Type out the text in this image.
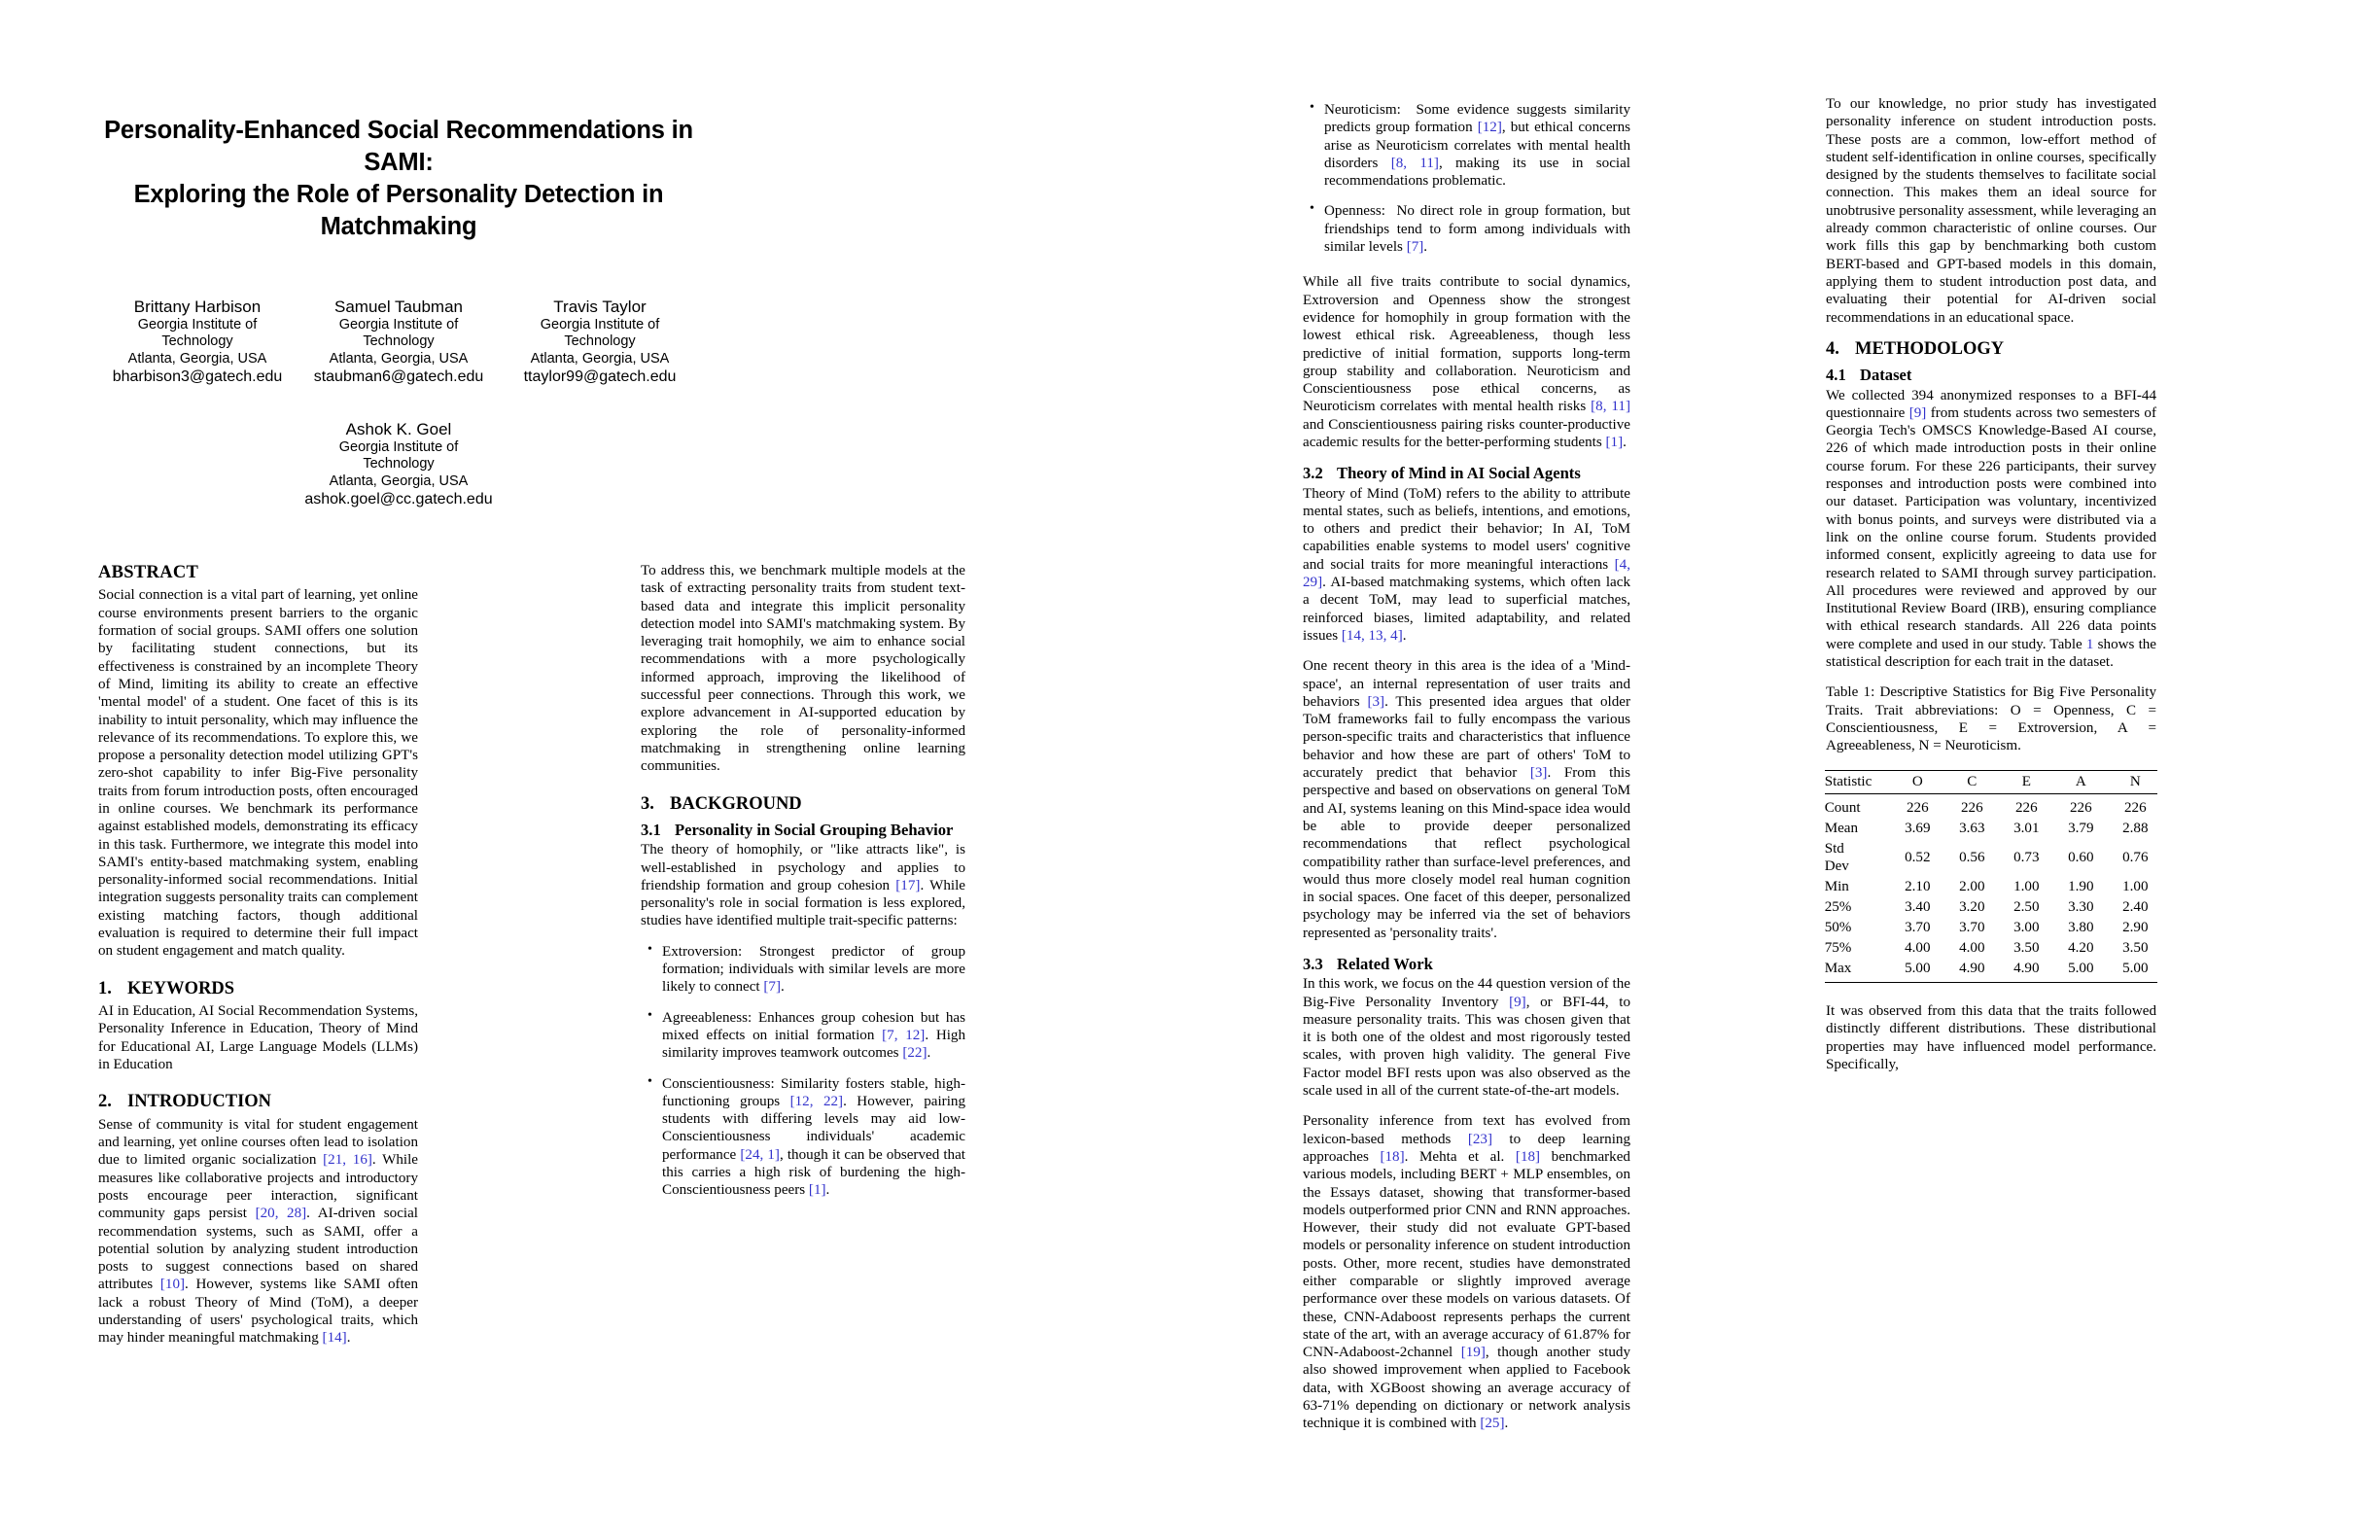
Personality-Enhanced Social Recommendations in SAMI:
Exploring the Role of Personality Detection in
Matchmaking
Brittany Harbison
Georgia Institute of
Technology
Atlanta, Georgia, USA
bharbison3@gatech.edu
Samuel Taubman
Georgia Institute of
Technology
Atlanta, Georgia, USA
staubman6@gatech.edu
Travis Taylor
Georgia Institute of
Technology
Atlanta, Georgia, USA
ttaylor99@gatech.edu
Ashok K. Goel
Georgia Institute of
Technology
Atlanta, Georgia, USA
ashok.goel@cc.gatech.edu
ABSTRACT

Social connection is a vital part of learning, yet online course environments present barriers to the organic formation of social groups. SAMI offers one solution by facilitating student connections, but its effectiveness is constrained by an incomplete Theory of Mind, limiting its ability to create an effective 'mental model' of a student. One facet of this is its inability to intuit personality, which may influence the relevance of its recommendations. To explore this, we propose a personality detection model utilizing GPT's zero-shot capability to infer Big-Five personality traits from forum introduction posts, often encouraged in online courses. We benchmark its performance against established models, demonstrating its efficacy in this task. Furthermore, we integrate this model into SAMI's entity-based matchmaking system, enabling personality-informed social recommendations. Initial integration suggests personality traits can complement existing matching factors, though additional evaluation is required to determine their full impact on student engagement and match quality.

1. KEYWORDS

AI in Education, AI Social Recommendation Systems, Personality Inference in Education, Theory of Mind for Educational AI, Large Language Models (LLMs) in Education

2. INTRODUCTION

Sense of community is vital for student engagement and learning, yet online courses often lead to isolation due to limited organic socialization [21, 16]. While measures like collaborative projects and introductory posts encourage peer interaction, significant community gaps persist [20, 28]. AI-driven social recommendation systems, such as SAMI, offer a potential solution by analyzing student introduction posts to suggest connections based on shared attributes [10]. However, systems like SAMI often lack a robust Theory of Mind (ToM), a deeper understanding of users' psychological traits, which may hinder meaningful matchmaking [14].

To address this, we benchmark multiple models at the task of extracting personality traits from student text-based data and integrate this implicit personality detection model into SAMI's matchmaking system. By leveraging trait homophily, we aim to enhance social recommendations with a more psychologically informed approach, improving the likelihood of successful peer connections. Through this work, we explore advancement in AI-supported education by exploring the role of personality-informed matchmaking in strengthening online learning communities.

3. BACKGROUND
3.1 Personality in Social Grouping Behavior

The theory of homophily, or "like attracts like", is well-established in psychology and applies to friendship formation and group cohesion [17]. While personality's role in social formation is less explored, studies have identified multiple trait-specific patterns:

• Extroversion: Strongest predictor of group formation; individuals with similar levels are more likely to connect [7].
• Agreeableness: Enhances group cohesion but has mixed effects on initial formation [7, 12]. High similarity improves teamwork outcomes [22].
• Conscientiousness: Similarity fosters stable, high-functioning groups [12, 22]. However, pairing students with differing levels may aid low-Conscientiousness individuals' academic performance [24, 1], though it can be observed that this carries a high risk of burdening the high-Conscientiousness peers [1].
• Neuroticism:  Some evidence suggests similarity predicts group formation [12], but ethical concerns arise as Neuroticism correlates with mental health disorders [8, 11], making its use in social recommendations problematic.
• Openness:  No direct role in group formation, but friendships tend to form among individuals with similar levels [7].

While all five traits contribute to social dynamics, Extroversion and Openness show the strongest evidence for homophily in group formation with the lowest ethical risk. Agreeableness, though less predictive of initial formation, supports long-term group stability and collaboration. Neuroticism and Conscientiousness pose ethical concerns, as Neuroticism correlates with mental health risks [8, 11] and Conscientiousness pairing risks counter-productive academic results for the better-performing students [1].

3.2 Theory of Mind in AI Social Agents

Theory of Mind (ToM) refers to the ability to attribute mental states, such as beliefs, intentions, and emotions, to others and predict their behavior; In AI, ToM capabilities enable systems to model users' cognitive and social traits for more meaningful interactions [4, 29]. AI-based matchmaking systems, which often lack a decent ToM, may lead to superficial matches, reinforced biases, limited adaptability, and related issues [14, 13, 4].

One recent theory in this area is the idea of a 'Mind-space', an internal representation of user traits and behaviors [3]. This presented idea argues that older ToM frameworks fail to fully encompass the various person-specific traits and characteristics that influence behavior and how these are part of others' ToM to accurately predict that behavior [3]. From this perspective and based on observations on general ToM and AI, systems leaning on this Mind-space idea would be able to provide deeper personalized recommendations that reflect psychological compatibility rather than surface-level preferences, and would thus more closely model real human cognition in social spaces. One facet of this deeper, personalized psychology may be inferred via the set of behaviors represented as 'personality traits'.

3.3 Related Work

In this work, we focus on the 44 question version of the Big-Five Personality Inventory [9], or BFI-44, to measure personality traits. This was chosen given that it is both one of the oldest and most rigorously tested scales, with proven high validity. The general Five Factor model BFI rests upon was also observed as the scale used in all of the current state-of-the-art models.

Personality inference from text has evolved from lexicon-based methods [23] to deep learning approaches [18]. Mehta et al. [18] benchmarked various models, including BERT + MLP ensembles, on the Essays dataset, showing that transformer-based models outperformed prior CNN and RNN approaches. However, their study did not evaluate GPT-based models or personality inference on student introduction posts. Other, more recent, studies have demonstrated either comparable or slightly improved average performance over these models on various datasets. Of these, CNN-Adaboost represents perhaps the current state of the art, with an average accuracy of 61.87% for CNN-Adaboost-2channel [19], though another study also showed improvement when applied to Facebook data, with XGBoost showing an average accuracy of 63-71% depending on dictionary or network analysis technique it is combined with [25].

To our knowledge, no prior study has investigated personality inference on student introduction posts. These posts are a common, low-effort method of student self-identification in online courses, specifically designed by the students themselves to facilitate social connection. This makes them an ideal source for unobtrusive personality assessment, while leveraging an already common characteristic of online courses. Our work fills this gap by benchmarking both custom BERT-based and GPT-based models in this domain, applying them to student introduction post data, and evaluating their potential for AI-driven social recommendations in an educational space.

4. METHODOLOGY
4.1 Dataset

We collected 394 anonymized responses to a BFI-44 questionnaire [9] from students across two semesters of Georgia Tech's OMSCS Knowledge-Based AI course, 226 of which made introduction posts in their online course forum. For these 226 participants, their survey responses and introduction posts were combined into our dataset. Participation was voluntary, incentivized with bonus points, and surveys were distributed via a link on the online course forum. Students provided informed consent, explicitly agreeing to data use for research related to SAMI through survey participation. All procedures were reviewed and approved by our Institutional Review Board (IRB), ensuring compliance with ethical research standards. All 226 data points were complete and used in our study. Table 1 shows the statistical description for each trait in the dataset.

Table 1: Descriptive Statistics for Big Five Personality Traits. Trait abbreviations: O = Openness, C = Conscientiousness, E = Extroversion, A = Agreeableness, N = Neuroticism.

Statistic	O	C	E	A	N
Count	226	226	226	226	226
Mean	3.69	3.63	3.01	3.79	2.88
Std Dev	0.52	0.56	0.73	0.60	0.76
Min	2.10	2.00	1.00	1.90	1.00
25%	3.40	3.20	2.50	3.30	2.40
50%	3.70	3.70	3.00	3.80	2.90
75%	4.00	4.00	3.50	4.20	3.50
Max	5.00	4.90	4.90	5.00	5.00

It was observed from this data that the traits followed distinctly different distributions. These distributional properties may have influenced model performance. Specifically,
